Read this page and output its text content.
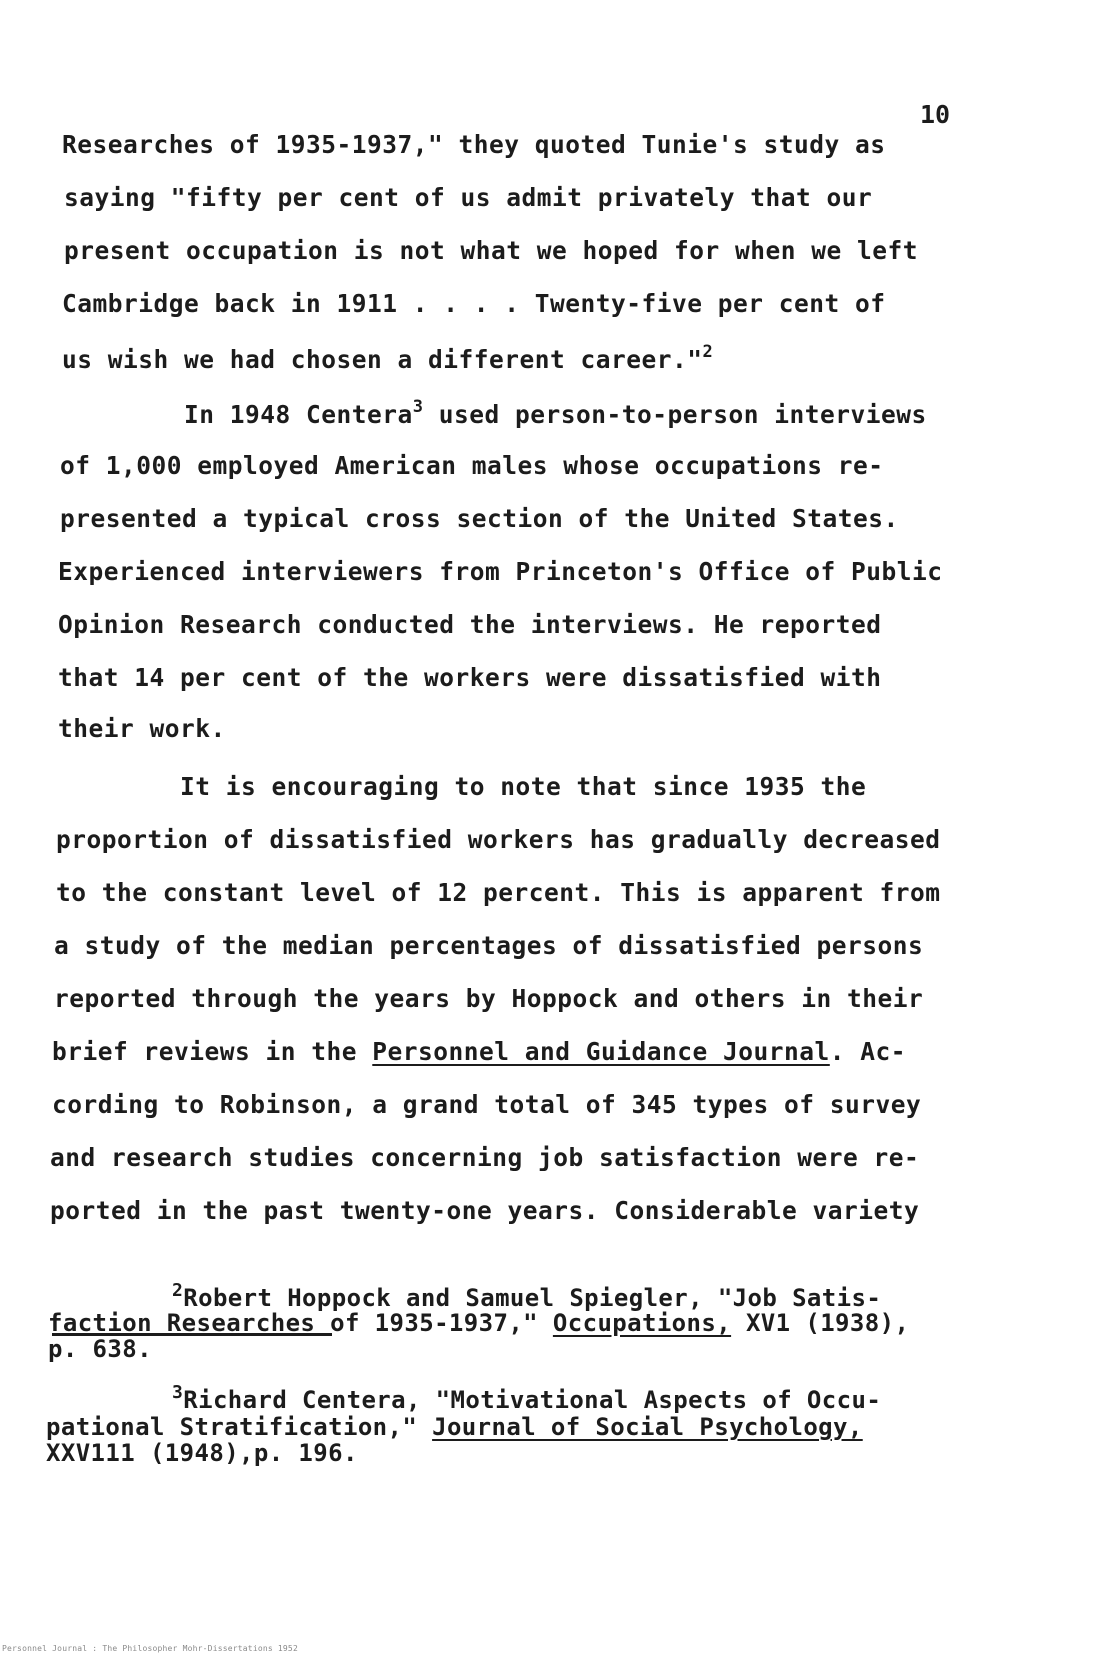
10
Researches of 1935-1937," they quoted Tunie's study as
saying "fifty per cent of us admit privately that our
present occupation is not what we hoped for when we left
Cambridge back in 1911 . . . . Twenty-five per cent of
us wish we had chosen a different career."$^2$
In 1948 Centera$^3$ used person-to-person interviews
of 1,000 employed American males whose occupations re-
presented a typical cross section of the United States.
Experienced interviewers from Princeton's Office of Public
Opinion Research conducted the interviews. He reported
that 14 per cent of the workers were dissatisfied with
their work.
It is encouraging to note that since 1935 the
proportion of dissatisfied workers has gradually decreased
to the constant level of 12 percent. This is apparent from
a study of the median percentages of dissatisfied persons
reported through the years by Hoppock and others in their
brief reviews in the Personnel and Guidance Journal. Ac-
cording to Robinson, a grand total of 345 types of survey
and research studies concerning job satisfaction were re-
ported in the past twenty-one years. Considerable variety
$^2$Robert Hoppock and Samuel Spiegler, "Job Satis-
faction Researches of 1935-1937," Occupations, XV1 (1938),
p. 638.
$^3$Richard Centera, "Motivational Aspects of Occu-
pational Stratification," Journal of Social Psychology,
XXV111 (1948),p. 196.
Personnel Journal : The Philosopher Mohr-Dissertations 1952
